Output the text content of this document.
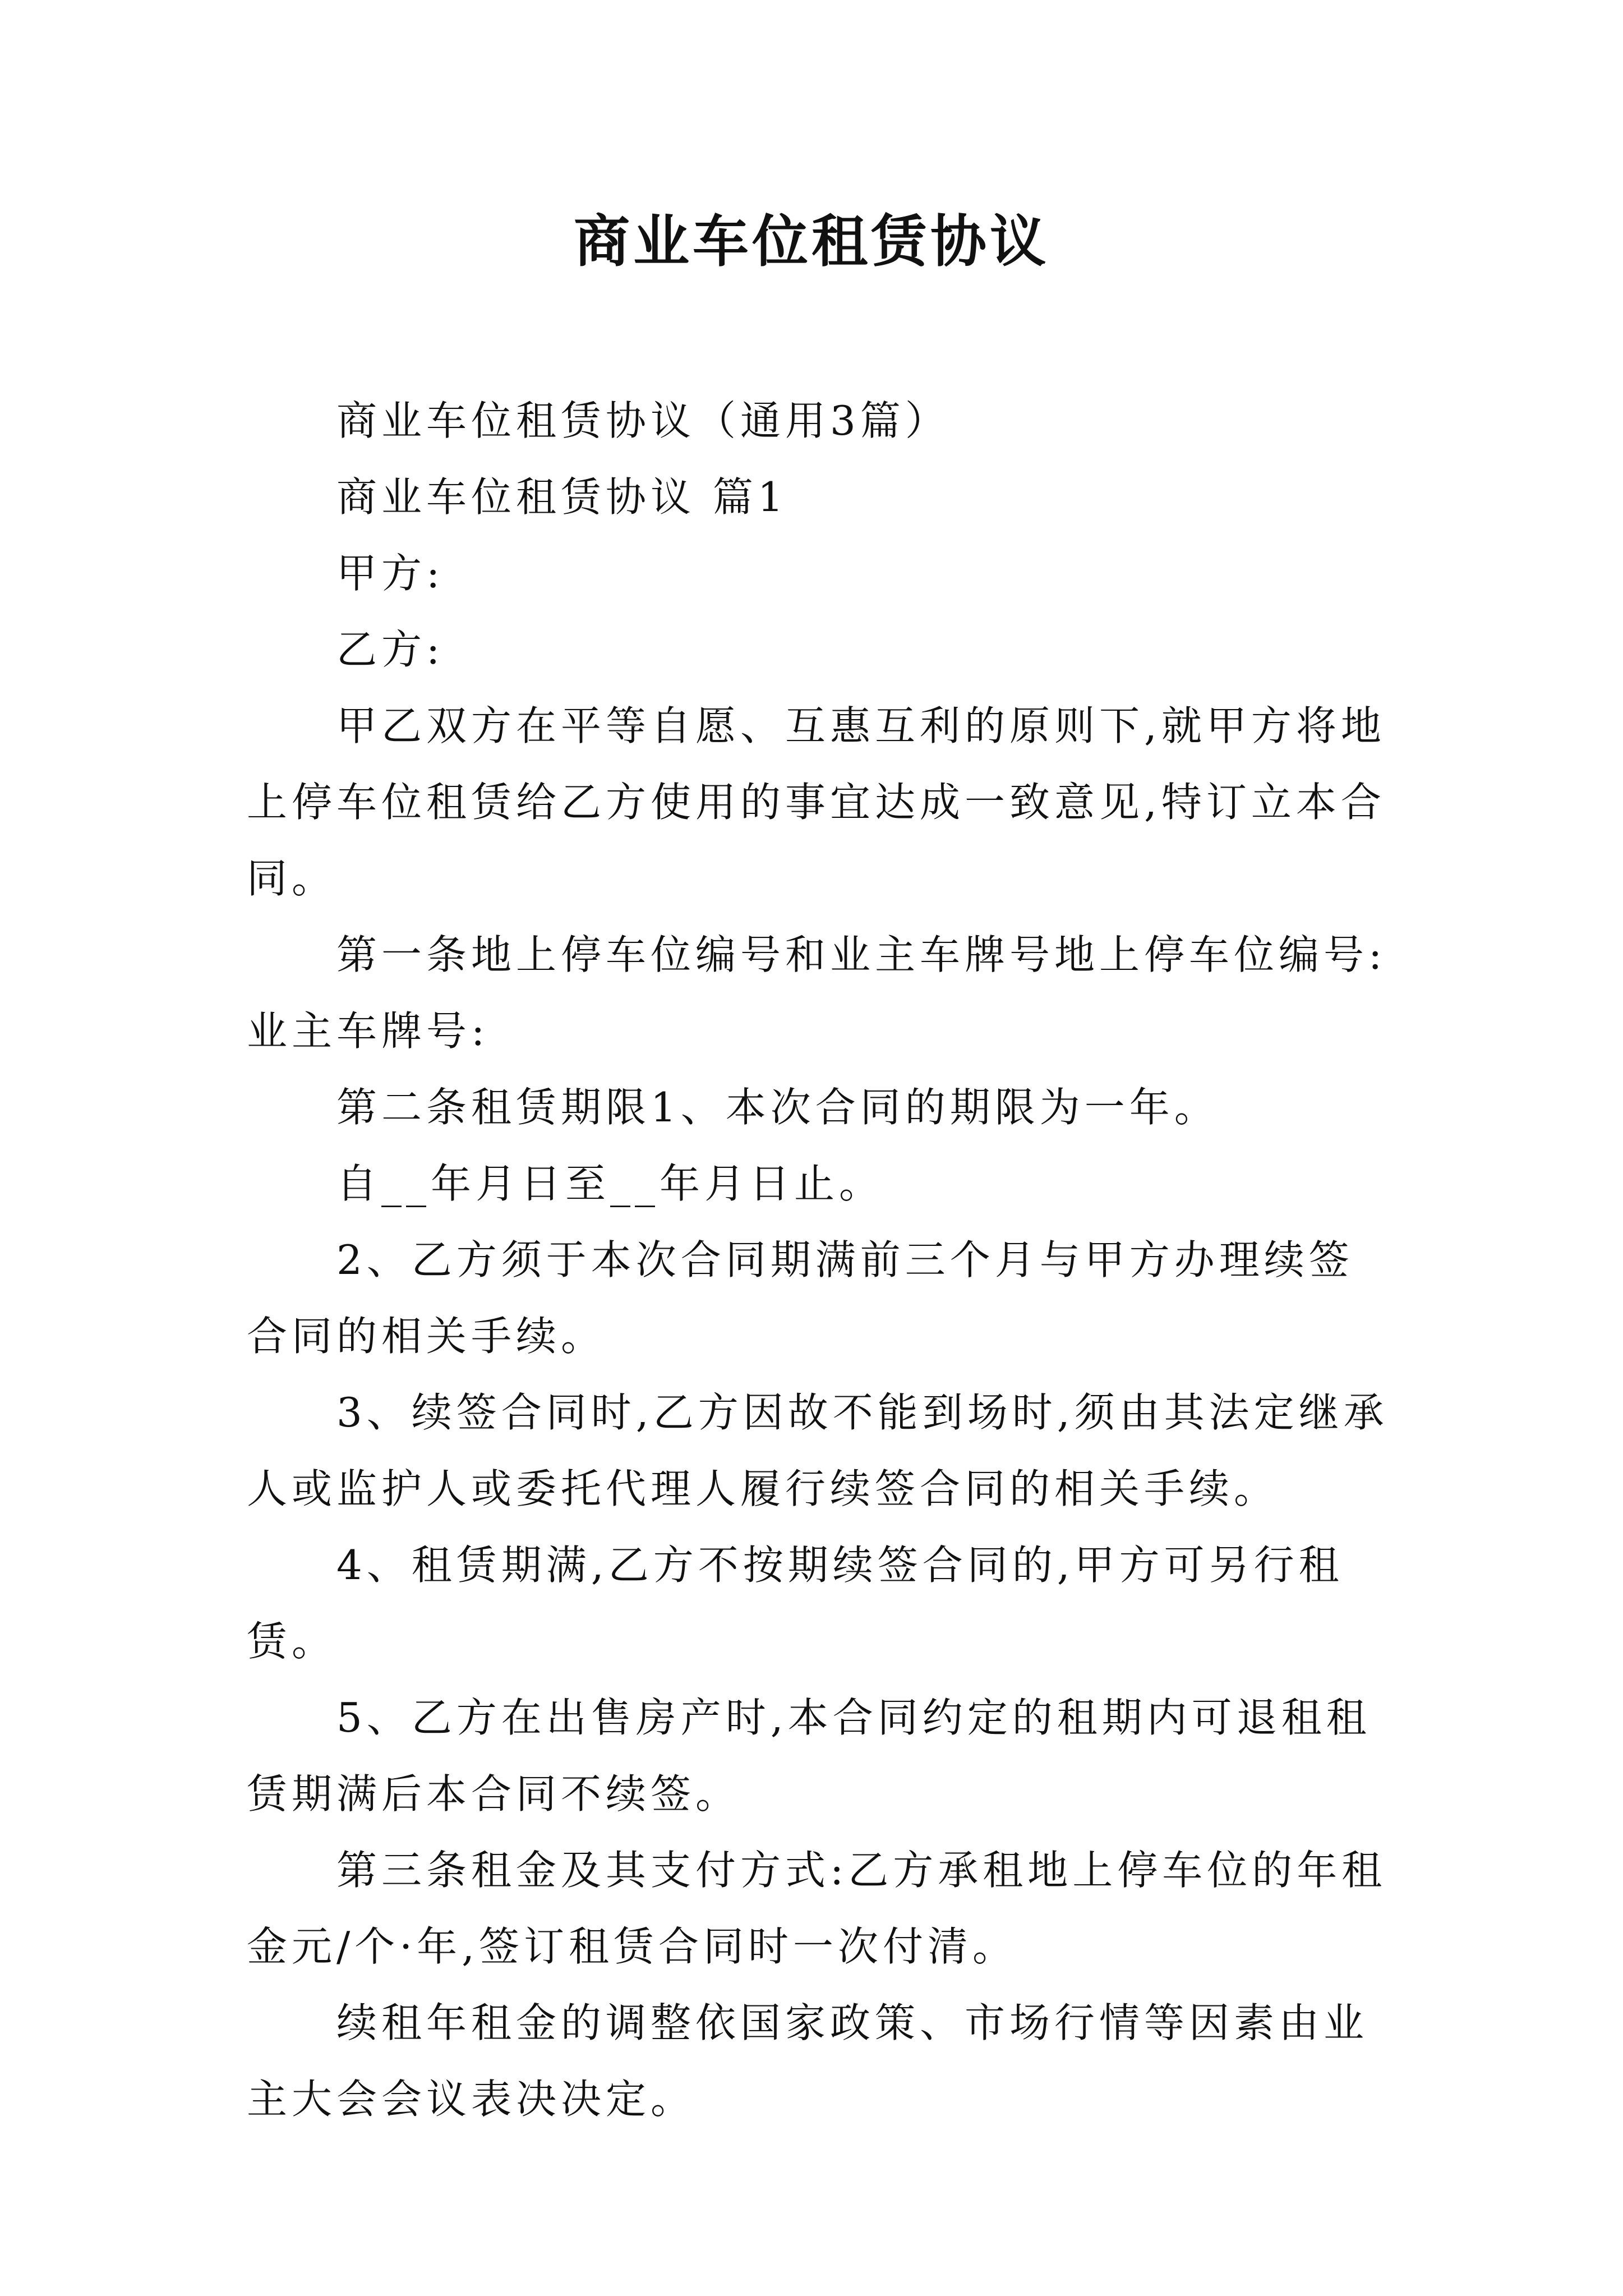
商业车位租赁协议

商业车位租赁协议（通用3篇）

商业车位租赁协议 篇1

甲方:

乙方:

甲乙双方在平等自愿、互惠互利的原则下,就甲方将地上停车位租赁给乙方使用的事宜达成一致意见,特订立本合同。

第一条地上停车位编号和业主车牌号地上停车位编号: 业主车牌号:

第二条租赁期限1、本次合同的期限为一年。

自__年月日至__年月日止。

2、乙方须于本次合同期满前三个月与甲方办理续签合同的相关手续。

3、续签合同时,乙方因故不能到场时,须由其法定继承人或监护人或委托代理人履行续签合同的相关手续。

4、租赁期满,乙方不按期续签合同的,甲方可另行租赁。

5、乙方在出售房产时,本合同约定的租期内可退租租赁期满后本合同不续签。

第三条租金及其支付方式:乙方承租地上停车位的年租金元/个·年,签订租赁合同时一次付清。

续租年租金的调整依国家政策、市场行情等因素由业主大会会议表决决定。
